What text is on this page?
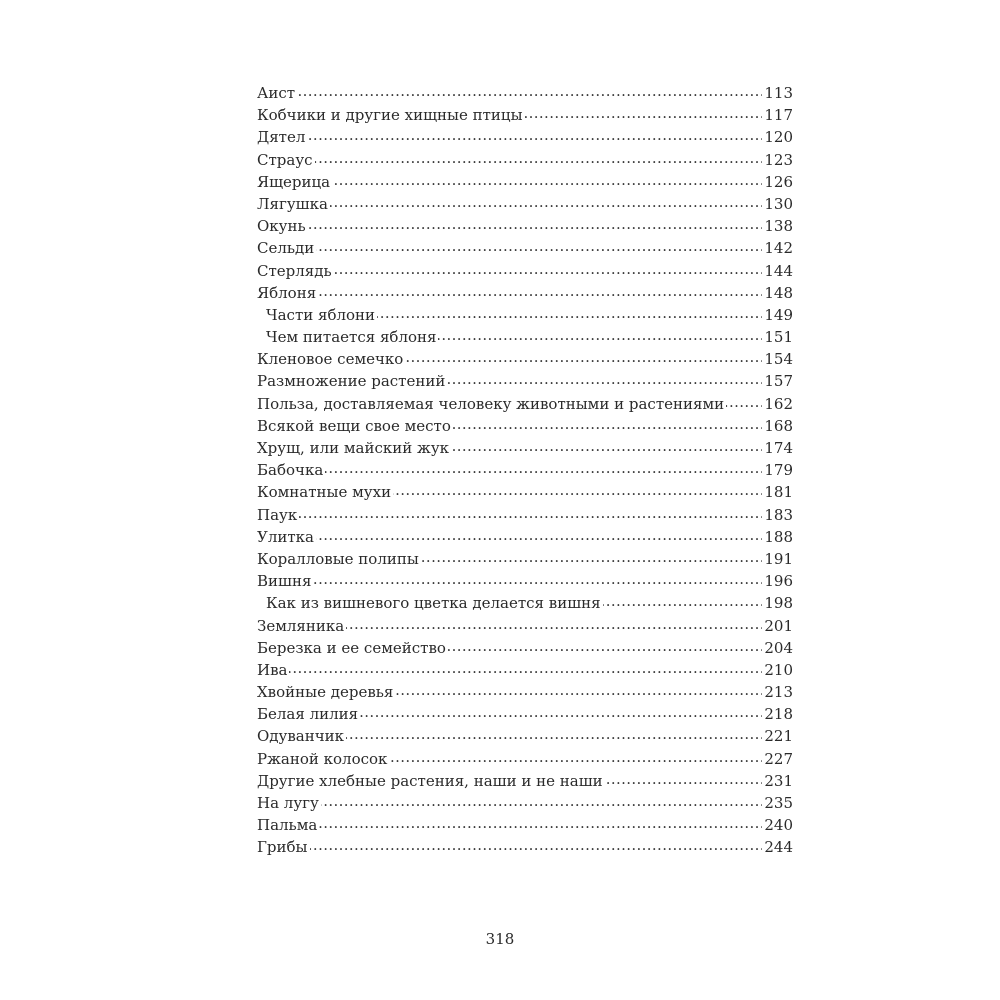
Аист . . .	113
Кобчики и другие хищные птицы . . .	117
Дятел . . .	120
Страус . . .	123
Ящерица . . .	126
Лягушка . . .	130
Окунь . . .	138
Сельди . . .	142
Стерлядь . . .	144
Яблоня . . .	148
Части яблони . . .	149
Чем питается яблоня . . .	151
Кленовое семечко . . .	154
Размножение растений . . .	157
Польза, доставляемая человеку животными и растениями . . .	162
Всякой вещи свое место . . .	168
Хрущ, или майский жук . . .	174
Бабочка . . .	179
Комнатные мухи . . .	181
Паук . . .	183
Улитка . . .	188
Коралловые полипы . . .	191
Вишня . . .	196
Как из вишневого цветка делается вишня . . .	198
Земляника . . .	201
Березка и ее семейство . . .	204
Ива . . .	210
Хвойные деревья . . .	213
Белая лилия . . .	218
Одуванчик . . .	221
Ржаной колосок . . .	227
Другие хлебные растения, наши и не наши . . .	231
На лугу . . .	235
Пальма . . .	240
Грибы . . .	244
318
